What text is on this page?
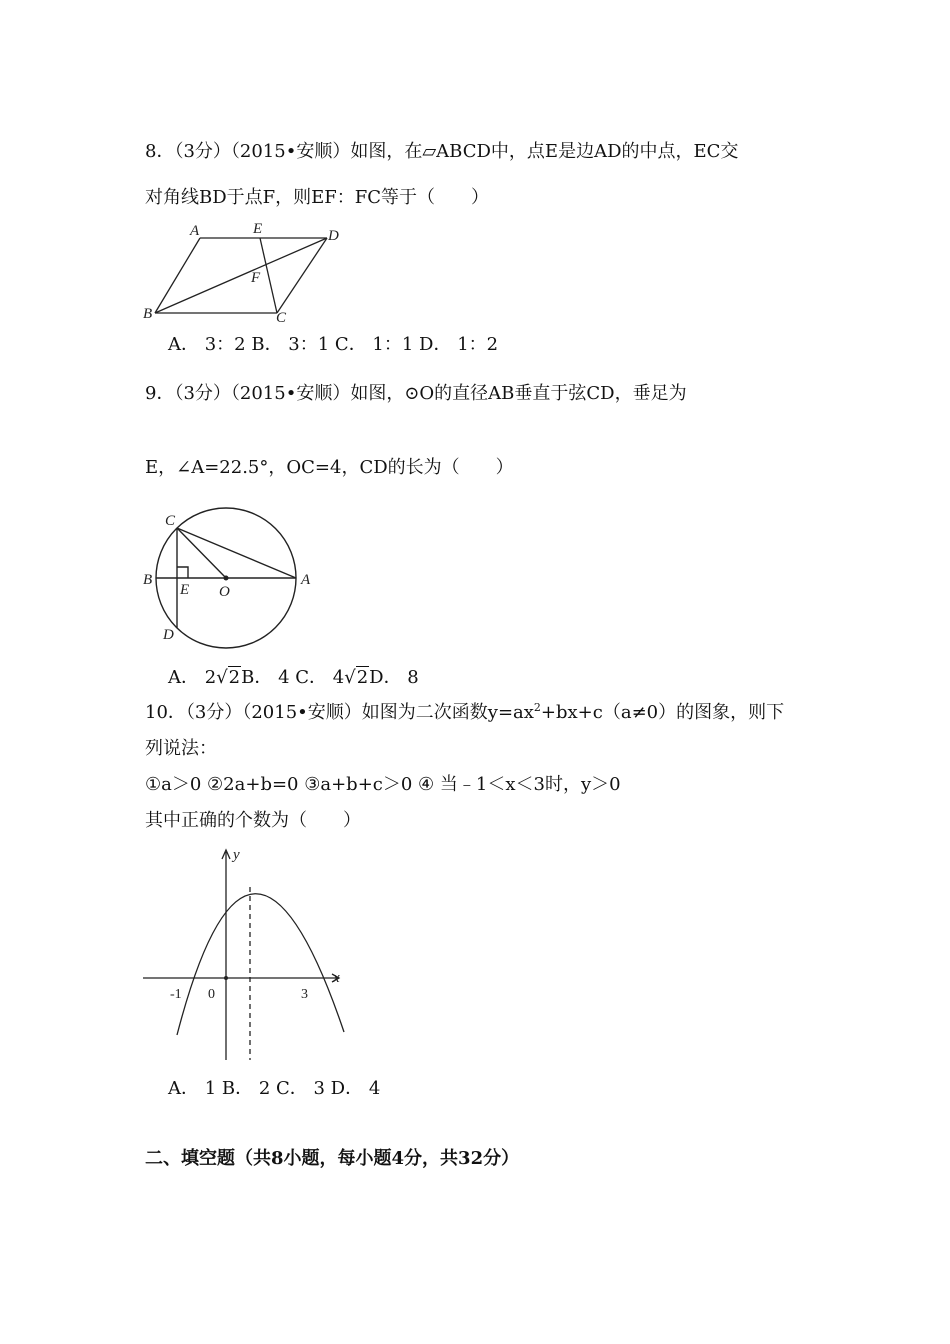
8．（3分）（2015•安顺）如图，在▱ABCD中，点E是边AD的中点，EC交
对角线BD于点F，则EF：FC等于（　　）
A	E	D
F
B	C
A． 3：2 B． 3：1 C． 1：1 D． 1：2
9．（3分）（2015•安顺）如图，⊙O的直径AB垂直于弦CD，垂足为
E，∠A=22.5°，OC=4，CD的长为（　　）
C
B
E O
A
D
A． 2√2B． 4 C． 4√2D． 8
10．（3分）（2015•安顺）如图为二次函数$y=ax^2+bx+c(a\ne 0)$的图象，则下
列说法：
①a＞0 ②2a+b=0 ③a+b+c＞0 ④ 当﹣1＜x＜3时，y＞0
其中正确的个数为（　　）
y
x
-1 0	3
A． 1 B． 2 C． 3 D． 4
二、填空题（共8小题，每小题4分，共32分）
